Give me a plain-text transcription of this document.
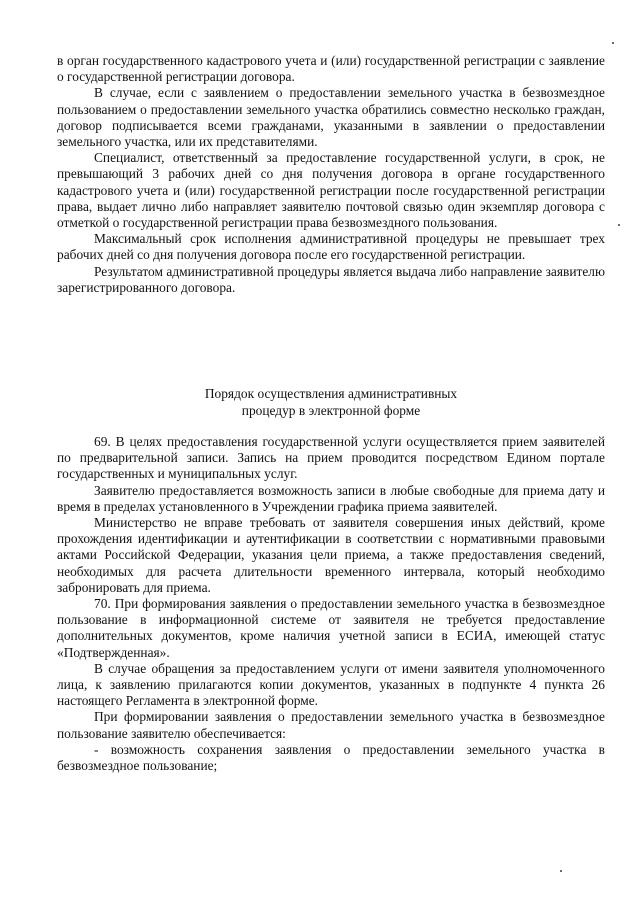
в орган государственного кадастрового учета и (или) государственной регистрации с заявление о государственной регистрации договора.

В случае, если с заявлением о предоставлении земельного участка в безвозмездное пользованием о предоставлении земельного участка обратились совместно несколько граждан, договор подписывается всеми гражданами, указанными в заявлении о предоставлении земельного участка, или их представителями.

Специалист, ответственный за предоставление государственной услуги, в срок, не превышающий 3 рабочих дней со дня получения договора в органе государственного кадастрового учета и (или) государственной регистрации после государственной регистрации права, выдает лично либо направляет заявителю почтовой связью один экземпляр договора с отметкой о государственной регистрации права безвозмездного пользования.

Максимальный срок исполнения административной процедуры не превышает трех рабочих дней со дня получения договора после его государственной регистрации.

Результатом административной процедуры является выдача либо направление заявителю зарегистрированного договора.

Порядок осуществления административных
процедур в электронной форме

69. В целях предоставления государственной услуги осуществляется прием заявителей по предварительной записи. Запись на прием проводится посредством Едином портале государственных и муниципальных услуг.

Заявителю предоставляется возможность записи в любые свободные для приема дату и время в пределах установленного в Учреждении графика приема заявителей.

Министерство не вправе требовать от заявителя совершения иных действий, кроме прохождения идентификации и аутентификации в соответствии с нормативными правовыми актами Российской Федерации, указания цели приема, а также предоставления сведений, необходимых для расчета длительности временного интервала, который необходимо забронировать для приема.

70. При формирования заявления о предоставлении земельного участка в безвозмездное пользование в информационной системе от заявителя не требуется предоставление дополнительных документов, кроме наличия учетной записи в ЕСИА, имеющей статус «Подтвержденная».

В случае обращения за предоставлением услуги от имени заявителя уполномоченного лица, к заявлению прилагаются копии документов, указанных в подпункте 4 пункта 26 настоящего Регламента в электронной форме.

При формировании заявления о предоставлении земельного участка в безвозмездное пользование заявителю обеспечивается:

- возможность сохранения заявления о предоставлении земельного участка в безвозмездное пользование;
